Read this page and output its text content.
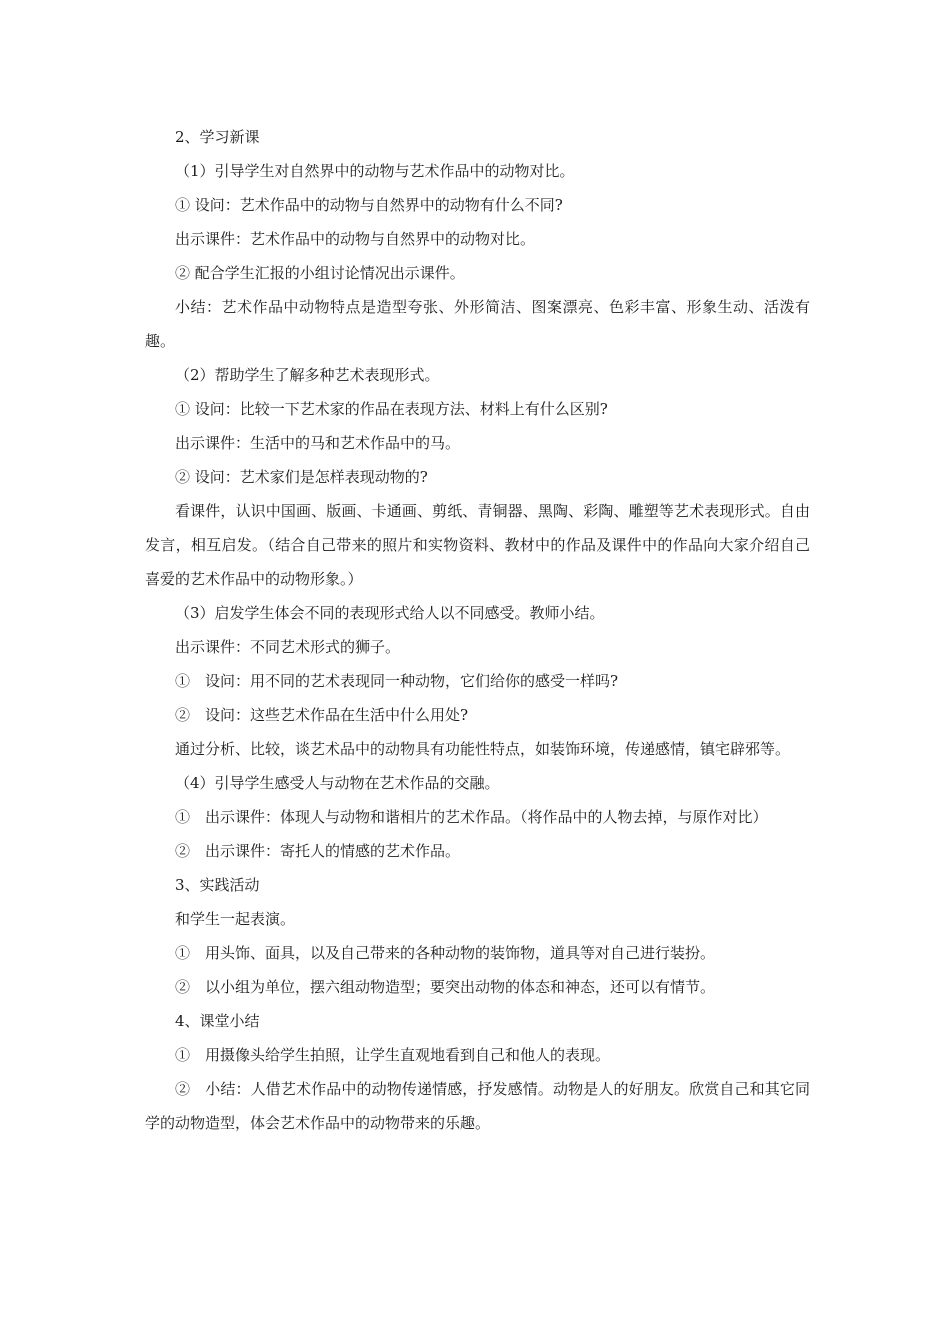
2、学习新课

（1）引导学生对自然界中的动物与艺术作品中的动物对比。

① 设问：艺术作品中的动物与自然界中的动物有什么不同?

出示课件：艺术作品中的动物与自然界中的动物对比。

② 配合学生汇报的小组讨论情况出示课件。

小结：艺术作品中动物特点是造型夸张、外形简洁、图案漂亮、色彩丰富、形象生动、活泼有趣。

（2）帮助学生了解多种艺术表现形式。

① 设问：比较一下艺术家的作品在表现方法、材料上有什么区别?

出示课件：生活中的马和艺术作品中的马。

② 设问：艺术家们是怎样表现动物的?

看课件，认识中国画、版画、卡通画、剪纸、青铜器、黑陶、彩陶、雕塑等艺术表现形式。自由发言，相互启发。（结合自己带来的照片和实物资料、教材中的作品及课件中的作品向大家介绍自己喜爱的艺术作品中的动物形象。）

（3）启发学生体会不同的表现形式给人以不同感受。教师小结。

出示课件：不同艺术形式的狮子。

①　设问：用不同的艺术表现同一种动物，它们给你的感受一样吗?

②　设问：这些艺术作品在生活中什么用处?

通过分析、比较，谈艺术品中的动物具有功能性特点，如装饰环境，传递感情，镇宅辟邪等。

（4）引导学生感受人与动物在艺术作品的交融。

①　出示课件：体现人与动物和谐相片的艺术作品。（将作品中的人物去掉，与原作对比）

②　出示课件：寄托人的情感的艺术作品。

3、实践活动

和学生一起表演。

①　用头饰、面具，以及自己带来的各种动物的装饰物，道具等对自己进行装扮。

②　以小组为单位，摆六组动物造型；要突出动物的体态和神态，还可以有情节。

4、课堂小结

①　用摄像头给学生拍照，让学生直观地看到自己和他人的表现。

②　小结：人借艺术作品中的动物传递情感，抒发感情。动物是人的好朋友。欣赏自己和其它同学的动物造型，体会艺术作品中的动物带来的乐趣。
